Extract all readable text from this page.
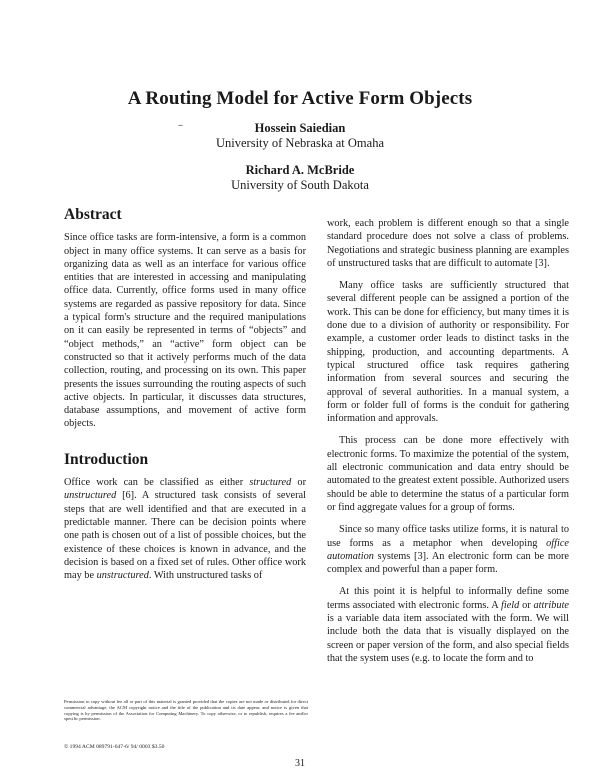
A Routing Model for Active Form Objects
–	Hossein Saiedian
University of Nebraska at Omaha
Richard A. McBride
University of South Dakota
Abstract

Since office tasks are form-intensive, a form is a common object in many office systems. It can serve as a basis for organizing data as well as an interface for various office entities that are interested in accessing and manipulating office data. Currently, office forms used in many office systems are regarded as passive repository for data. Since a typical form's structure and the required manipulations on it can easily be represented in terms of “objects” and “object methods,” an “active” form object can be constructed so that it actively performs much of the data collection, routing, and processing on its own. This paper presents the issues surrounding the routing aspects of such active objects. In particular, it discusses data structures, database assumptions, and movement of active form objects.

Introduction

Office work can be classified as either structured or unstructured [6]. A structured task consists of several steps that are well identified and that are executed in a predictable manner. There can be decision points where one path is chosen out of a list of possible choices, but the existence of these choices is known in advance, and the decision is based on a fixed set of rules. Other office work may be unstructured. With unstructured tasks of

work, each problem is different enough so that a single standard procedure does not solve a class of problems. Negotiations and strategic business planning are examples of unstructured tasks that are difficult to automate [3].

Many office tasks are sufficiently structured that several different people can be assigned a portion of the work. This can be done for efficiency, but many times it is done due to a division of authority or responsibility. For example, a customer order leads to distinct tasks in the shipping, production, and accounting departments. A typical structured office task requires gathering information from several sources and securing the approval of several authorities. In a manual system, a form or folder full of forms is the conduit for gathering information and approvals.

This process can be done more effectively with electronic forms. To maximize the potential of the system, all electronic communication and data entry should be automated to the greatest extent possible. Authorized users should be able to determine the status of a particular form or find aggregate values for a group of forms.

Since so many office tasks utilize forms, it is natural to use forms as a metaphor when developing office automation systems [3]. An electronic form can be more complex and powerful than a paper form.

At this point it is helpful to informally define some terms associated with electronic forms. A field or attribute is a variable data item associated with the form. We will include both the data that is visually displayed on the screen or paper version of the form, and also special fields that the system uses (e.g. to locate the form and to

Permission to copy without fee all or part of this material is granted provided that the copies are not made or distributed for direct commercial advantage, the ACM copyright notice and the title of the publication and its date appear, and notice is given that copying is by permission of the Association for Computing Machinery. To copy otherwise, or to republish, requires a fee and/or specific permission.
© 1994 ACM 089791-647-6/ 94/ 0003 $3.50
31
